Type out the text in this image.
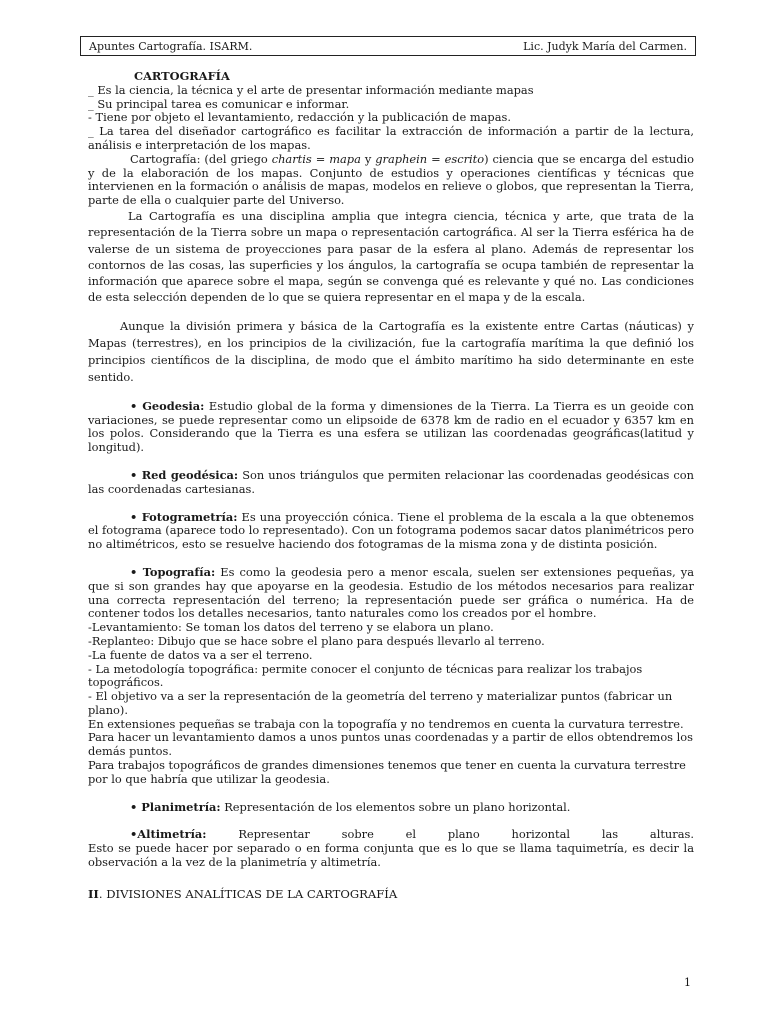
Apuntes Cartografía. ISARM.	Lic. Judyk María del Carmen.

CARTOGRAFÍA

_ Es la ciencia, la técnica y el arte de presentar información mediante mapas

_ Su principal tarea es comunicar e informar.

- Tiene por objeto el levantamiento, redacción y la publicación de mapas.

_ La tarea del diseñador cartográfico es facilitar la extracción de información a partir de la lectura, análisis e interpretación de los mapas.

Cartografía: (del griego chartis = mapa y graphein = escrito) ciencia que se encarga del estudio y de la elaboración de los mapas. Conjunto de estudios y operaciones científicas y técnicas que intervienen en la formación o análisis de mapas, modelos en relieve o globos, que representan la Tierra, parte de ella o cualquier parte del Universo.

La Cartografía es una disciplina amplia que integra ciencia, técnica y arte, que trata de la representación de la Tierra sobre un mapa o representación cartográfica. Al ser la Tierra esférica ha de valerse de un sistema de proyecciones para pasar de la esfera al plano. Además de representar los contornos de las cosas, las superficies y los ángulos, la cartografía se ocupa también de representar la información que aparece sobre el mapa, según se convenga qué es relevante y qué no. Las condiciones de esta selección dependen de lo que se quiera representar en el mapa y de la escala.

Aunque la división primera y básica de la Cartografía es la existente entre Cartas (náuticas) y Mapas (terrestres), en los principios de la civilización, fue la cartografía marítima la que definió los principios científicos de la disciplina, de modo que el ámbito marítimo ha sido determinante en este sentido.

• Geodesia: Estudio global de la forma y dimensiones de la Tierra. La Tierra es un geoide con variaciones, se puede representar como un elipsoide de 6378 km de radio en el ecuador y 6357 km en los polos. Considerando que la Tierra es una esfera se utilizan las coordenadas geográficas(latitud y longitud).

• Red geodésica: Son unos triángulos que permiten relacionar las coordenadas geodésicas con las coordenadas cartesianas.

• Fotogrametría: Es una proyección cónica. Tiene el problema de la escala a la que obtenemos el fotograma (aparece todo lo representado). Con un fotograma podemos sacar datos planimétricos pero no altimétricos, esto se resuelve haciendo dos fotogramas de la misma zona y de distinta posición.

• Topografía: Es como la geodesia pero a menor escala, suelen ser extensiones pequeñas, ya que si son grandes hay que apoyarse en la geodesia. Estudio de los métodos necesarios para realizar una correcta representación del terreno; la representación puede ser gráfica o numérica. Ha de contener todos los detalles necesarios, tanto naturales como los creados por el hombre.

-Levantamiento: Se toman los datos del terreno y se elabora un plano.

-Replanteo: Dibujo que se hace sobre el plano para después llevarlo al terreno.

-La fuente de datos va a ser el terreno.

- La metodología topográfica: permite conocer el conjunto de técnicas para realizar los trabajos topográficos.

- El objetivo va a ser la representación de la geometría del terreno y materializar puntos (fabricar un plano).

En extensiones pequeñas se trabaja con la topografía y no tendremos en cuenta la curvatura terrestre.

Para hacer un levantamiento damos a unos puntos unas coordenadas y a partir de ellos obtendremos los demás puntos.

Para trabajos topográficos de grandes dimensiones tenemos que tener en cuenta la curvatura terrestre por lo que habría que utilizar la geodesia.

• Planimetría: Representación de los elementos sobre un plano horizontal.

•Altimetría:	Representar	sobre	el	plano	horizontal	las	alturas.

Esto se puede hacer por separado o en forma conjunta que es lo que se llama taquimetría, es decir la observación a la vez de la planimetría y altimetría.

II. DIVISIONES ANALÍTICAS DE LA CARTOGRAFÍA

1
